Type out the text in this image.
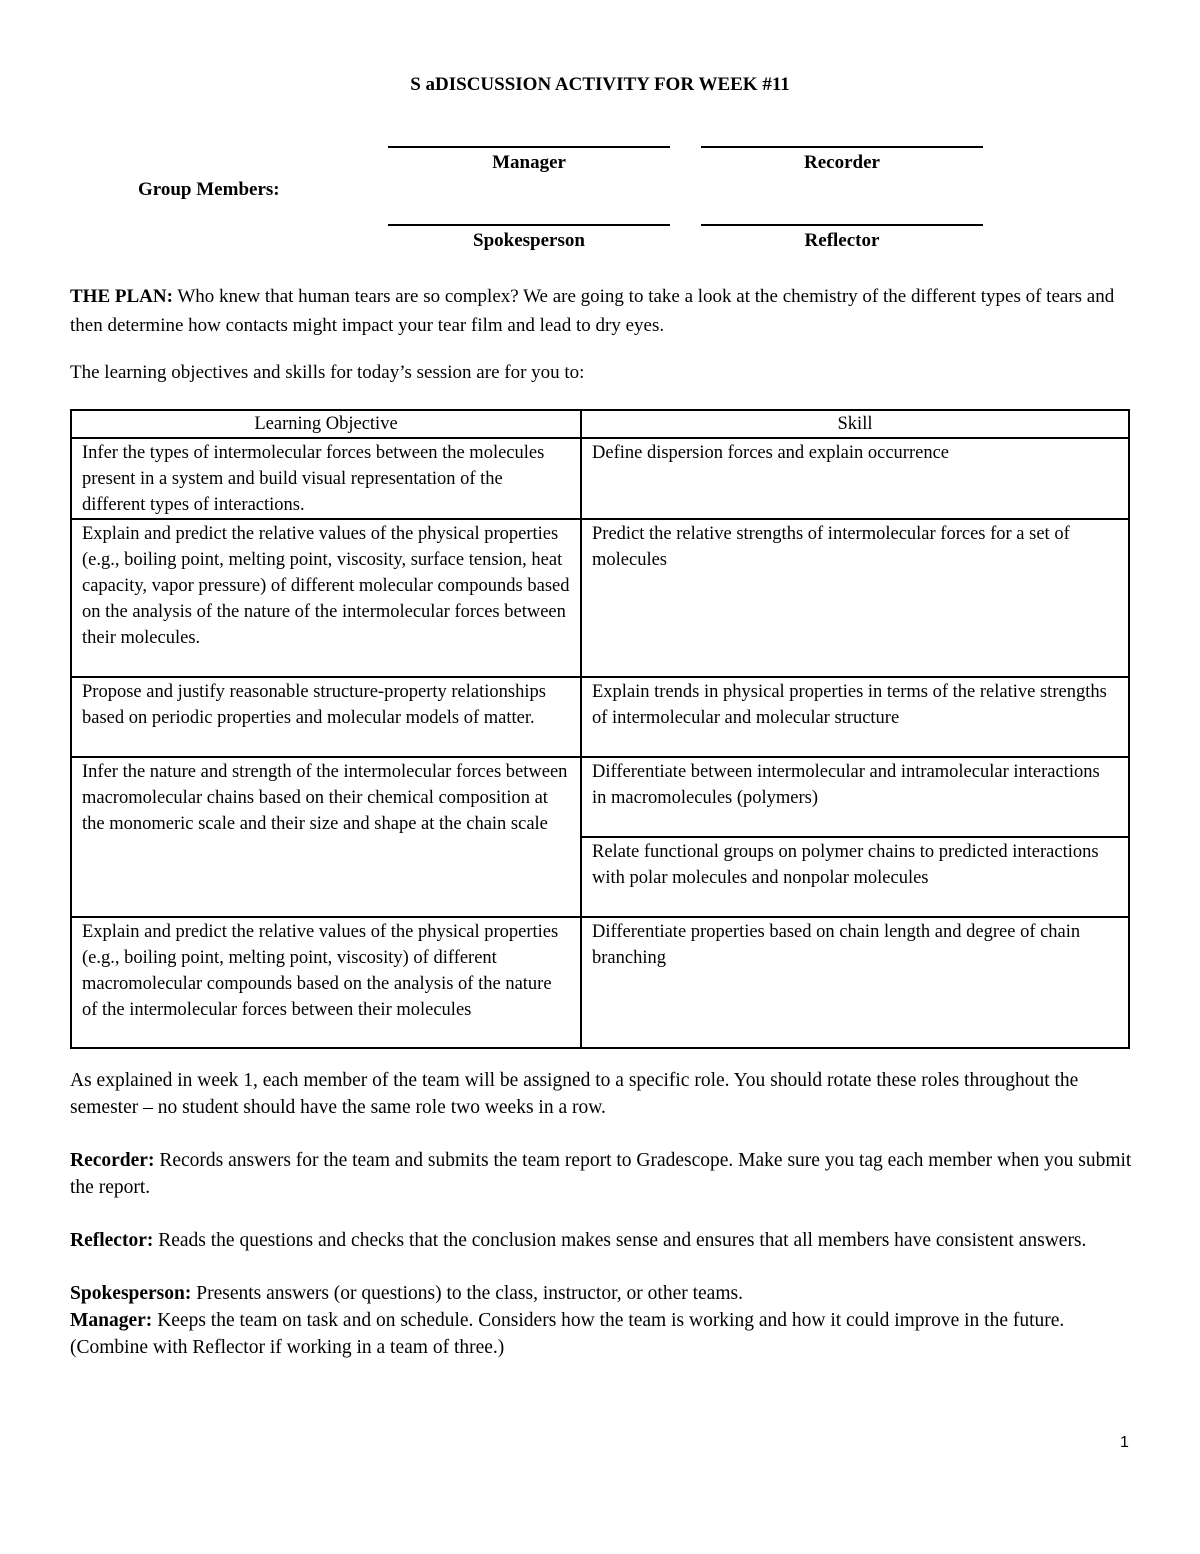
S aDISCUSSION ACTIVITY FOR WEEK #11
Manager	Recorder
Group Members:
Spokesperson	Reflector
THE PLAN: Who knew that human tears are so complex? We are going to take a look at the chemistry of the different types of tears and then determine how contacts might impact your tear film and lead to dry eyes.
The learning objectives and skills for today’s session are for you to:
Learning Objective	Skill
Infer the types of intermolecular forces between the molecules present in a system and build visual representation of the different types of interactions.	Define dispersion forces and explain occurrence
Explain and predict the relative values of the physical properties (e.g., boiling point, melting point, viscosity, surface tension, heat capacity, vapor pressure) of different molecular compounds based on the analysis of the nature of the intermolecular forces between their molecules.	Predict the relative strengths of intermolecular forces for a set of molecules
Propose and justify reasonable structure-property relationships based on periodic properties and molecular models of matter.	Explain trends in physical properties in terms of the relative strengths of intermolecular and molecular structure
Infer the nature and strength of the intermolecular forces between macromolecular chains based on their chemical composition at the monomeric scale and their size and shape at the chain scale	Differentiate between intermolecular and intramolecular interactions in macromolecules (polymers)
	Relate functional groups on polymer chains to predicted interactions with polar molecules and nonpolar molecules
Explain and predict the relative values of the physical properties (e.g., boiling point, melting point, viscosity) of different macromolecular compounds based on the analysis of the nature of the intermolecular forces between their molecules	Differentiate properties based on chain length and degree of chain branching

As explained in week 1, each member of the team will be assigned to a specific role. You should rotate these roles throughout the semester – no student should have the same role two weeks in a row.

Recorder: Records answers for the team and submits the team report to Gradescope. Make sure you tag each member when you submit the report.

Reflector: Reads the questions and checks that the conclusion makes sense and ensures that all members have consistent answers.

Spokesperson: Presents answers (or questions) to the class, instructor, or other teams.

Manager: Keeps the team on task and on schedule. Considers how the team is working and how it could improve in the future. (Combine with Reflector if working in a team of three.)

1
